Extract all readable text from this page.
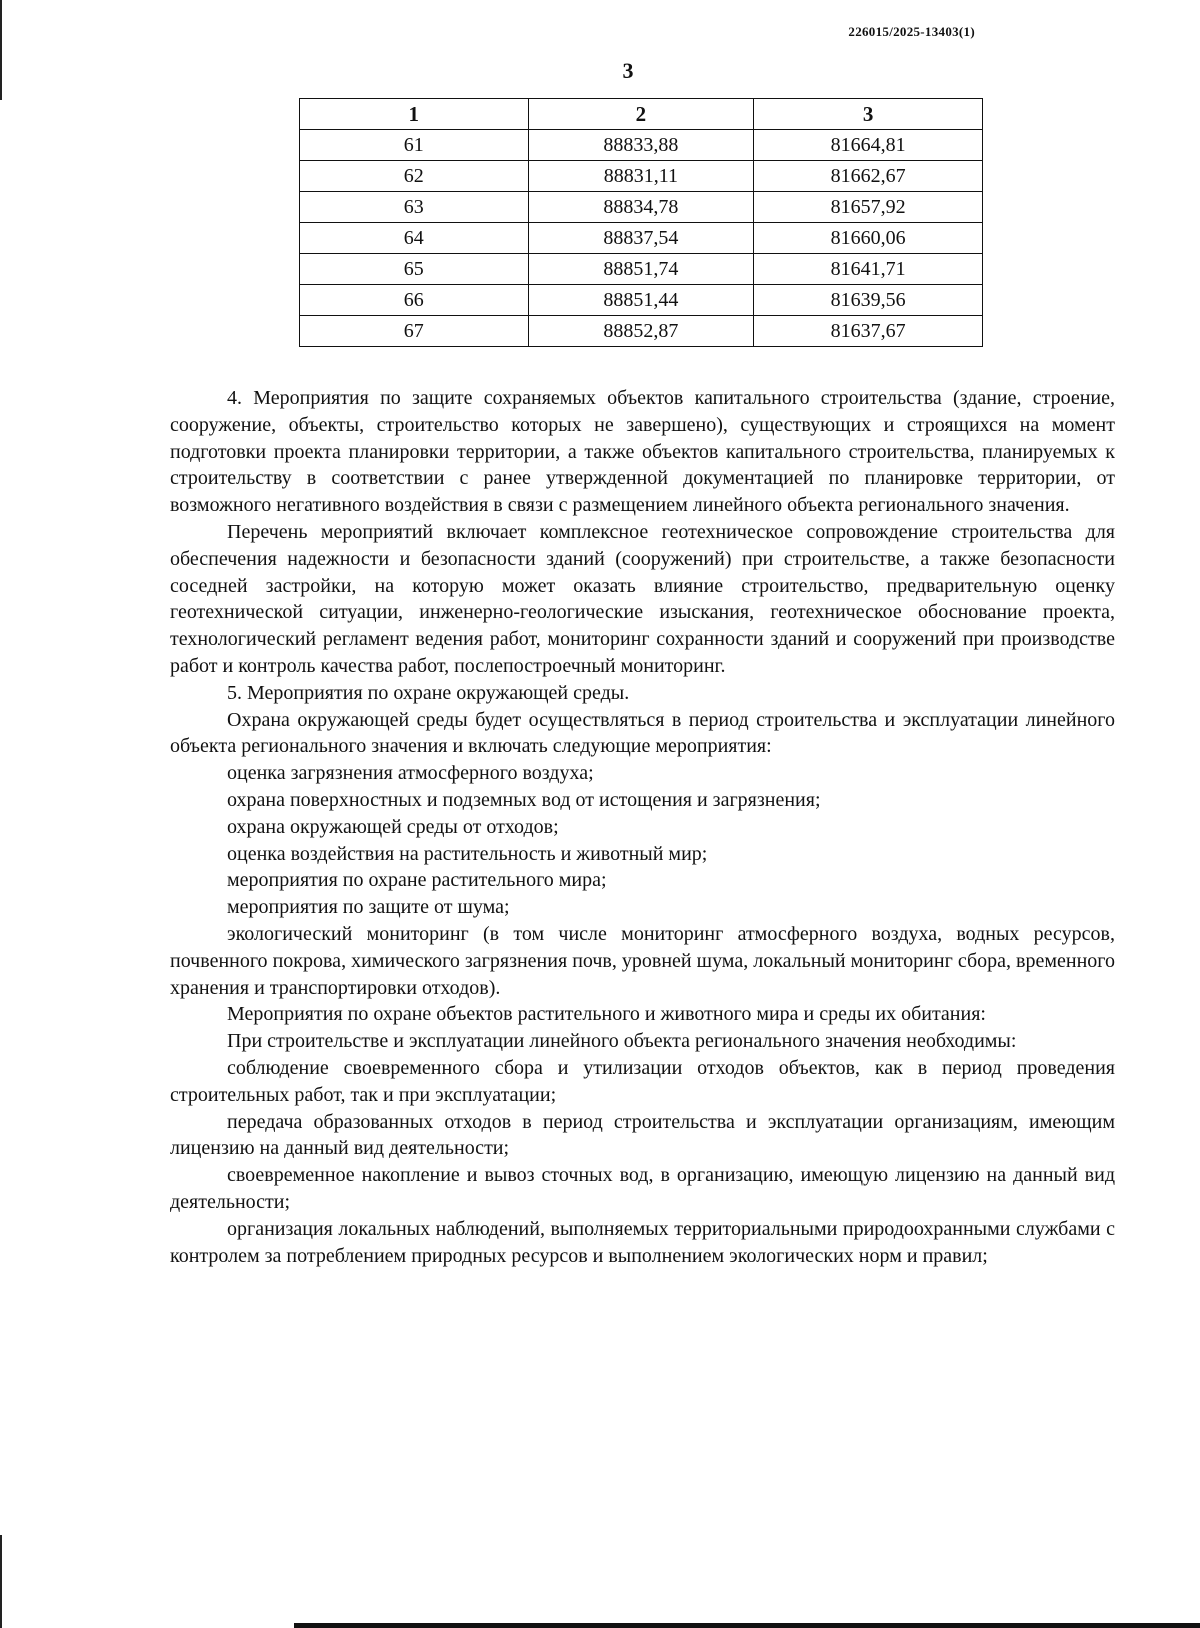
226015/2025-13403(1)
3
1	2	3
61	88833,88	81664,81
62	88831,11	81662,67
63	88834,78	81657,92
64	88837,54	81660,06
65	88851,74	81641,71
66	88851,44	81639,56
67	88852,87	81637,67

4. Мероприятия по защите сохраняемых объектов капитального строительства (здание, строение, сооружение, объекты, строительство которых не завершено), существующих и строящихся на момент подготовки проекта планировки территории, а также объектов капитального строительства, планируемых к строительству в соответствии с ранее утвержденной документацией по планировке территории, от возможного негативного воздействия в связи с размещением линейного объекта регионального значения.

Перечень мероприятий включает комплексное геотехническое сопровождение строительства для обеспечения надежности и безопасности зданий (сооружений) при строительстве, а также безопасности соседней застройки, на которую может оказать влияние строительство, предварительную оценку геотехнической ситуации, инженерно-геологические изыскания, геотехническое обоснование проекта, технологический регламент ведения работ, мониторинг сохранности зданий и сооружений при производстве работ и контроль качества работ, послепостроечный мониторинг.

5. Мероприятия по охране окружающей среды.

Охрана окружающей среды будет осуществляться в период строительства и эксплуатации линейного объекта регионального значения и включать следующие мероприятия:

оценка загрязнения атмосферного воздуха;

охрана поверхностных и подземных вод от истощения и загрязнения;

охрана окружающей среды от отходов;

оценка воздействия на растительность и животный мир;

мероприятия по охране растительного мира;

мероприятия по защите от шума;

экологический мониторинг (в том числе мониторинг атмосферного воздуха, водных ресурсов, почвенного покрова, химического загрязнения почв, уровней шума, локальный мониторинг сбора, временного хранения и транспортировки отходов).

Мероприятия по охране объектов растительного и животного мира и среды их обитания:

При строительстве и эксплуатации линейного объекта регионального значения необходимы:

соблюдение своевременного сбора и утилизации отходов объектов, как в период проведения строительных работ, так и при эксплуатации;

передача образованных отходов в период строительства и эксплуатации организациям, имеющим лицензию на данный вид деятельности;

своевременное накопление и вывоз сточных вод, в организацию, имеющую лицензию на данный вид деятельности;

организация локальных наблюдений, выполняемых территориальными природоохранными службами с контролем за потреблением природных ресурсов и выполнением экологических норм и правил;
